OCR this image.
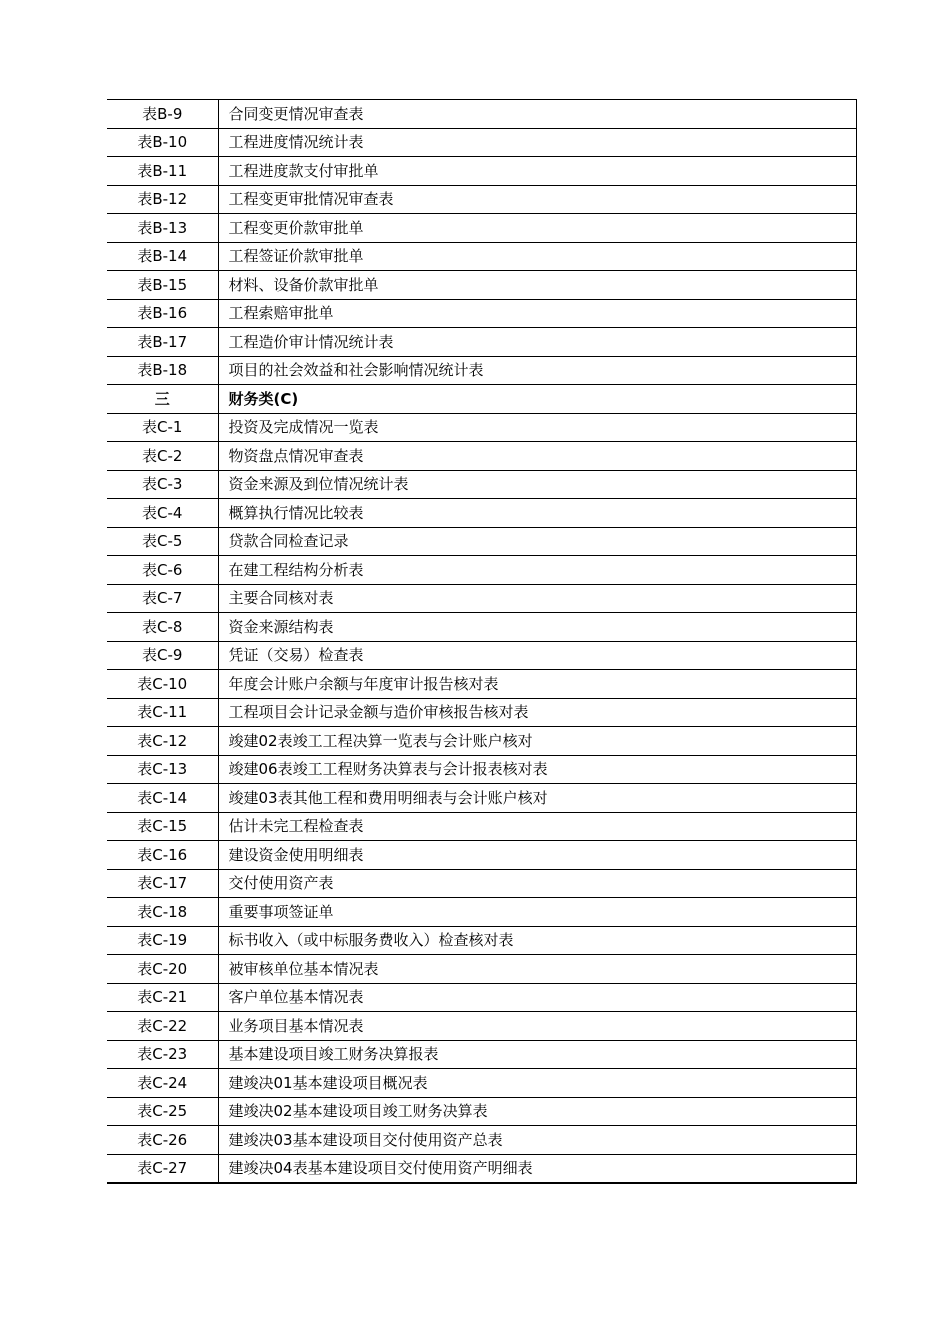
表B-9	合同变更情况审查表
表B-10	工程进度情况统计表
表B-11	工程进度款支付审批单
表B-12	工程变更审批情况审查表
表B-13	工程变更价款审批单
表B-14	工程签证价款审批单
表B-15	材料、设备价款审批单
表B-16	工程索赔审批单
表B-17	工程造价审计情况统计表
表B-18	项目的社会效益和社会影响情况统计表
三	财务类(C)
表C-1	投资及完成情况一览表
表C-2	物资盘点情况审查表
表C-3	资金来源及到位情况统计表
表C-4	概算执行情况比较表
表C-5	贷款合同检查记录
表C-6	在建工程结构分析表
表C-7	主要合同核对表
表C-8	资金来源结构表
表C-9	凭证（交易）检查表
表C-10	年度会计账户余额与年度审计报告核对表
表C-11	工程项目会计记录金额与造价审核报告核对表
表C-12	竣建02表竣工工程决算一览表与会计账户核对
表C-13	竣建06表竣工工程财务决算表与会计报表核对表
表C-14	竣建03表其他工程和费用明细表与会计账户核对
表C-15	估计未完工程检查表
表C-16	建设资金使用明细表
表C-17	交付使用资产表
表C-18	重要事项签证单
表C-19	标书收入（或中标服务费收入）检查核对表
表C-20	被审核单位基本情况表
表C-21	客户单位基本情况表
表C-22	业务项目基本情况表
表C-23	基本建设项目竣工财务决算报表
表C-24	建竣决01基本建设项目概况表
表C-25	建竣决02基本建设项目竣工财务决算表
表C-26	建竣决03基本建设项目交付使用资产总表
表C-27	建竣决04表基本建设项目交付使用资产明细表
